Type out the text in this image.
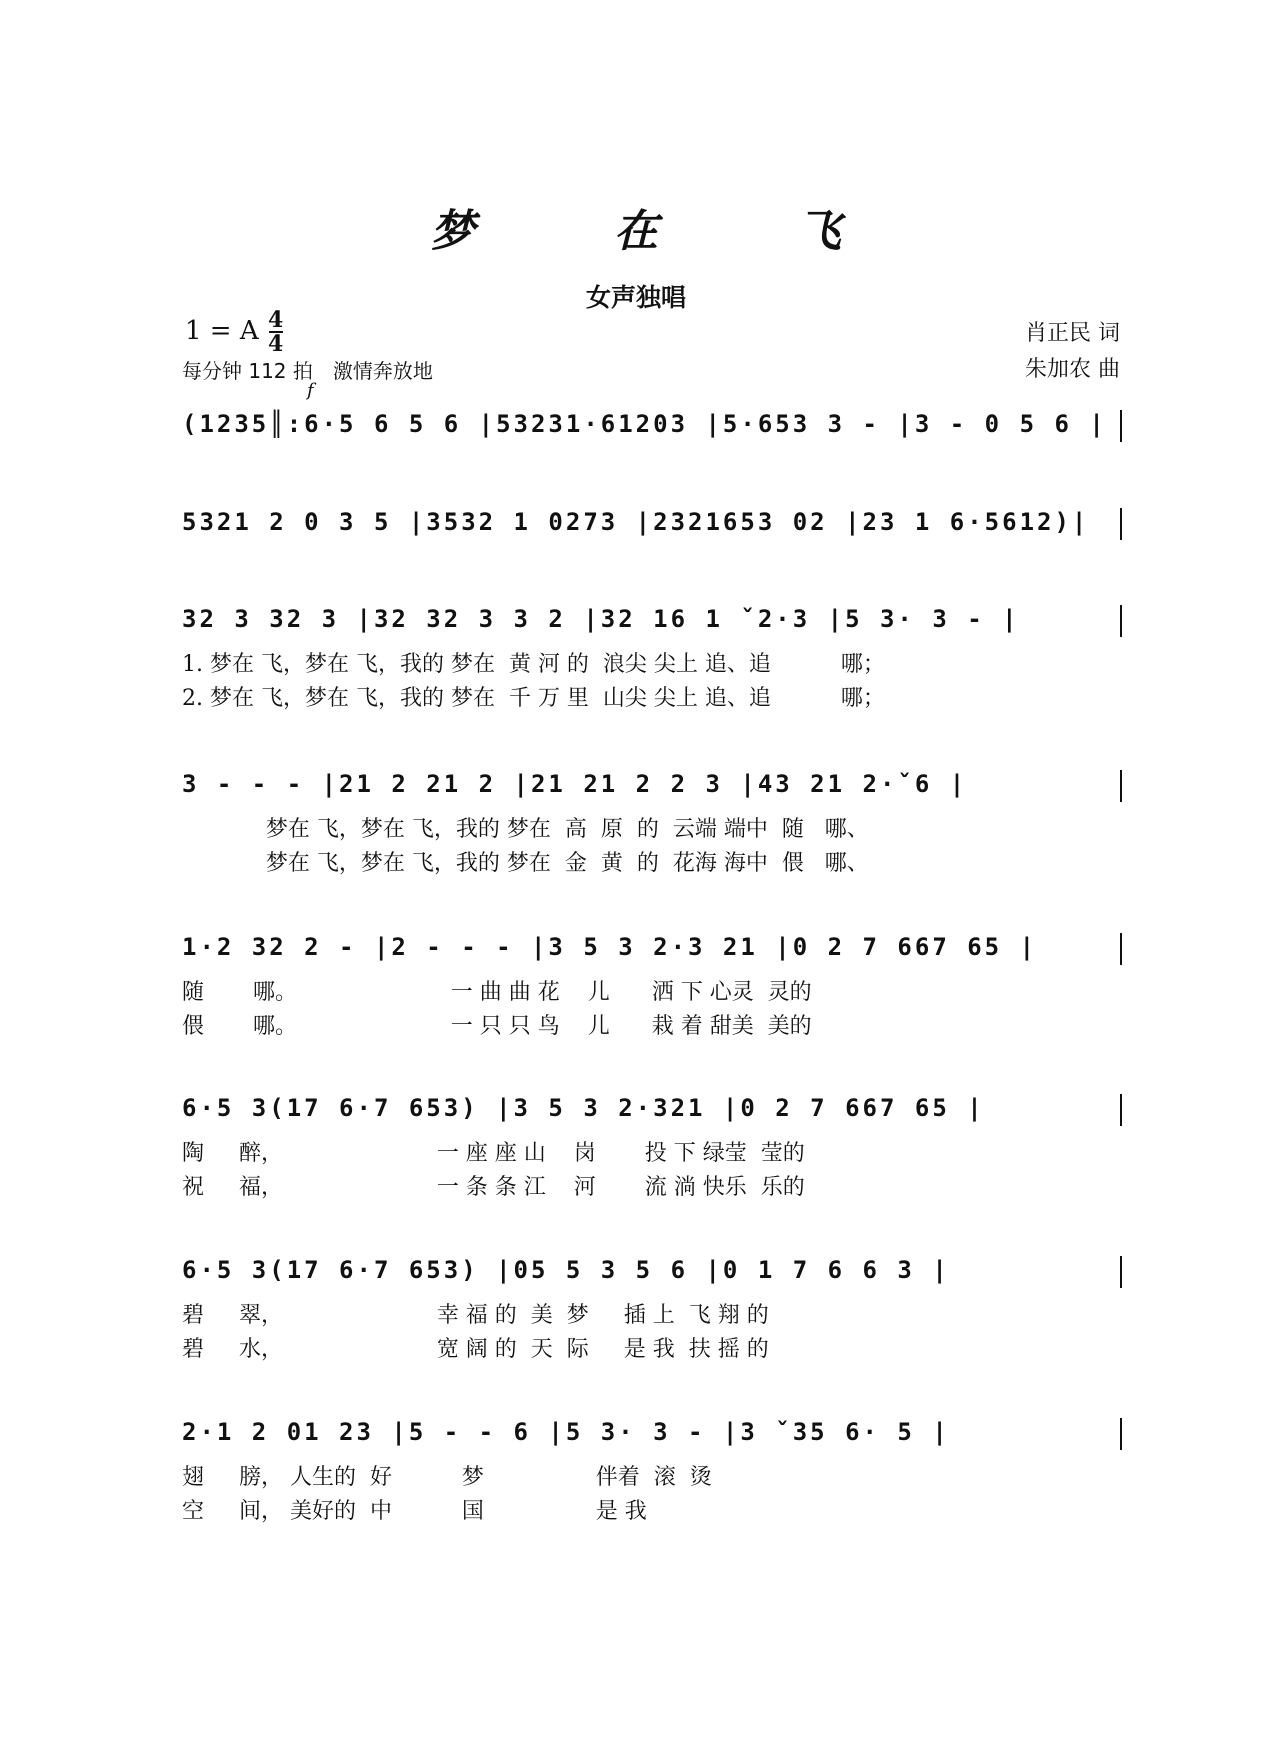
梦 在 飞
女声独唱
1 = A 4
4
每分钟 112 拍　激情奔放地
肖正民 词
朱加农 曲
f
(1235║:6·5 6 5 6 |53231·61203 |5·653 3 - |3 - 0 5 6 |
5321 2 0 3 5 |3532 1 0273 |2321653 02 |23 1 6·5612)|
32 3 32 3 |32 32 3 3 2 |32 16 1 ˇ2·3 |5 3· 3 - |
1. 梦在 飞，梦在 飞，我的 梦在  黄 河 的  浪尖 尖上 追、追          哪；
2. 梦在 飞，梦在 飞，我的 梦在  千 万 里  山尖 尖上 追、追          哪；
3 - - - |21 2 21 2 |21 21 2 2 3 |43 21 2·ˇ6 |
梦在 飞，梦在 飞，我的 梦在  高  原  的  云端 端中  随   哪、
梦在 飞，梦在 飞，我的 梦在  金  黄  的  花海 海中  偎   哪、
1·2 32 2 - |2 - - - |3 5 3 2·3 21 |0 2 7 667 65 |
随       哪。                      一 曲 曲 花    儿      洒 下 心灵  灵的
偎       哪。                      一 只 只 鸟    儿      栽 着 甜美  美的
6·5 3(17 6·7 653) |3 5 3 2·321 |0 2 7 667 65 |
陶     醉，                      一 座 座 山    岗       投 下 绿莹  莹的
祝     福，                      一 条 条 江    河       流 淌 快乐  乐的
6·5 3(17 6·7 653) |05 5 3 5 6 |0 1 7 6 6 3 |
碧     翠，                      幸 福 的  美  梦     插 上  飞 翔 的
碧     水，                      宽 阔 的  天  际     是 我  扶 摇 的
2·1 2 01 23 |5 - - 6 |5 3· 3 - |3 ˇ35 6· 5 |
翅     膀， 人生的  好          梦                伴着  滚  烫
空     间， 美好的  中          国                是 我
